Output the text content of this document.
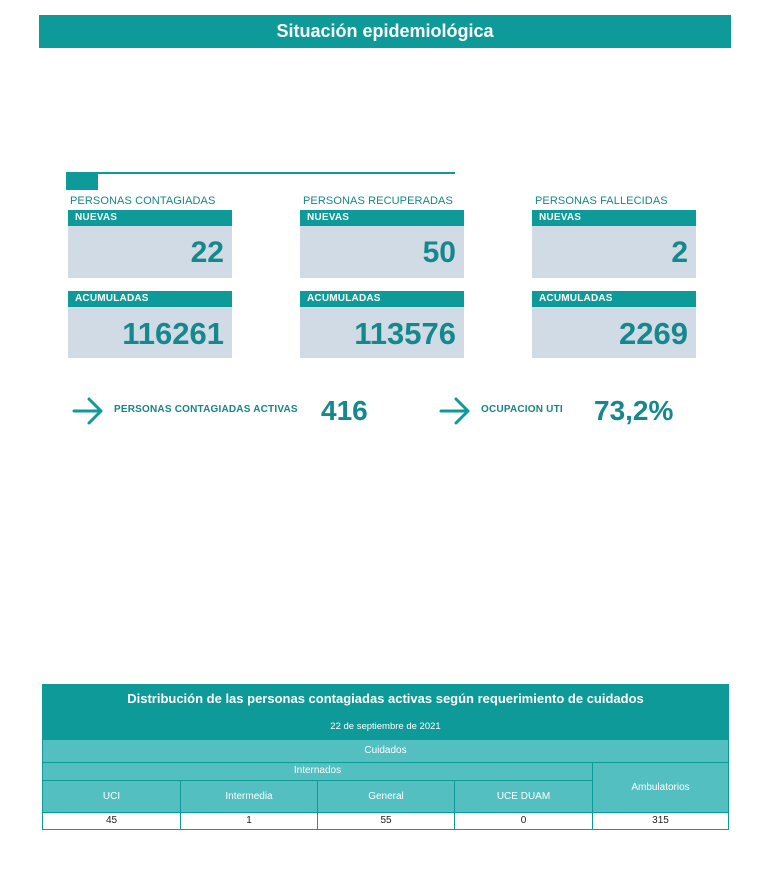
Situación epidemiológica
PERSONAS CONTAGIADAS
NUEVAS
22
ACUMULADAS
116261
PERSONAS RECUPERADAS
NUEVAS
50
ACUMULADAS
113576
PERSONAS FALLECIDAS
NUEVAS
2
ACUMULADAS
2269
PERSONAS CONTAGIADAS ACTIVAS 416	OCUPACION UTI 73,2%
Distribución de las personas contagiadas activas según requerimiento de cuidados
22 de septiembre de 2021
Cuidados
Internados
Ambulatorios
UCI	Intermedia	General	UCE DUAM
45	1	55	0	315
